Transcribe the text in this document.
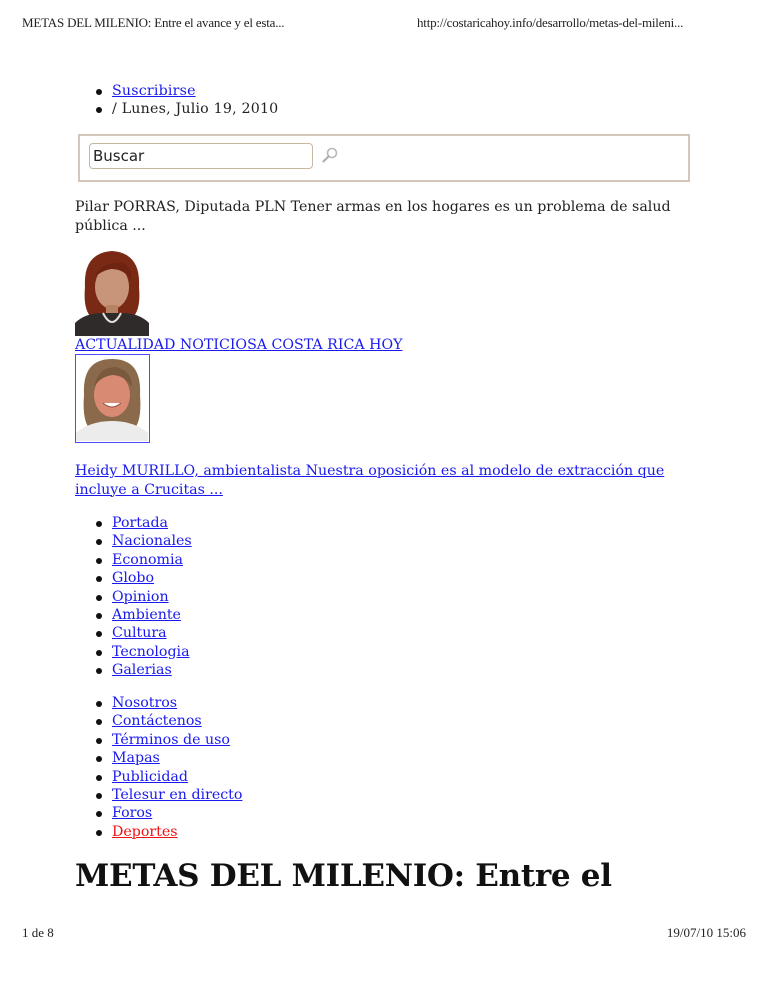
METAS DEL MILENIO: Entre el avance y el esta...	http://costaricahoy.info/desarrollo/metas-del-mileni...
Suscribirse
/ Lunes, Julio 19, 2010
Buscar
Pilar PORRAS, Diputada PLN Tener armas en los hogares es un problema de salud pública ...
ACTUALIDAD NOTICIOSA COSTA RICA HOY
Heidy MURILLO, ambientalista Nuestra oposición es al modelo de extracción que incluye a Crucitas ...
Portada
Nacionales
Economia
Globo
Opinion
Ambiente
Cultura
Tecnologia
Galerias
Nosotros
Contáctenos
Términos de uso
Mapas
Publicidad
Telesur en directo
Foros
Deportes
METAS DEL MILENIO: Entre el
1 de 8	19/07/10 15:06
